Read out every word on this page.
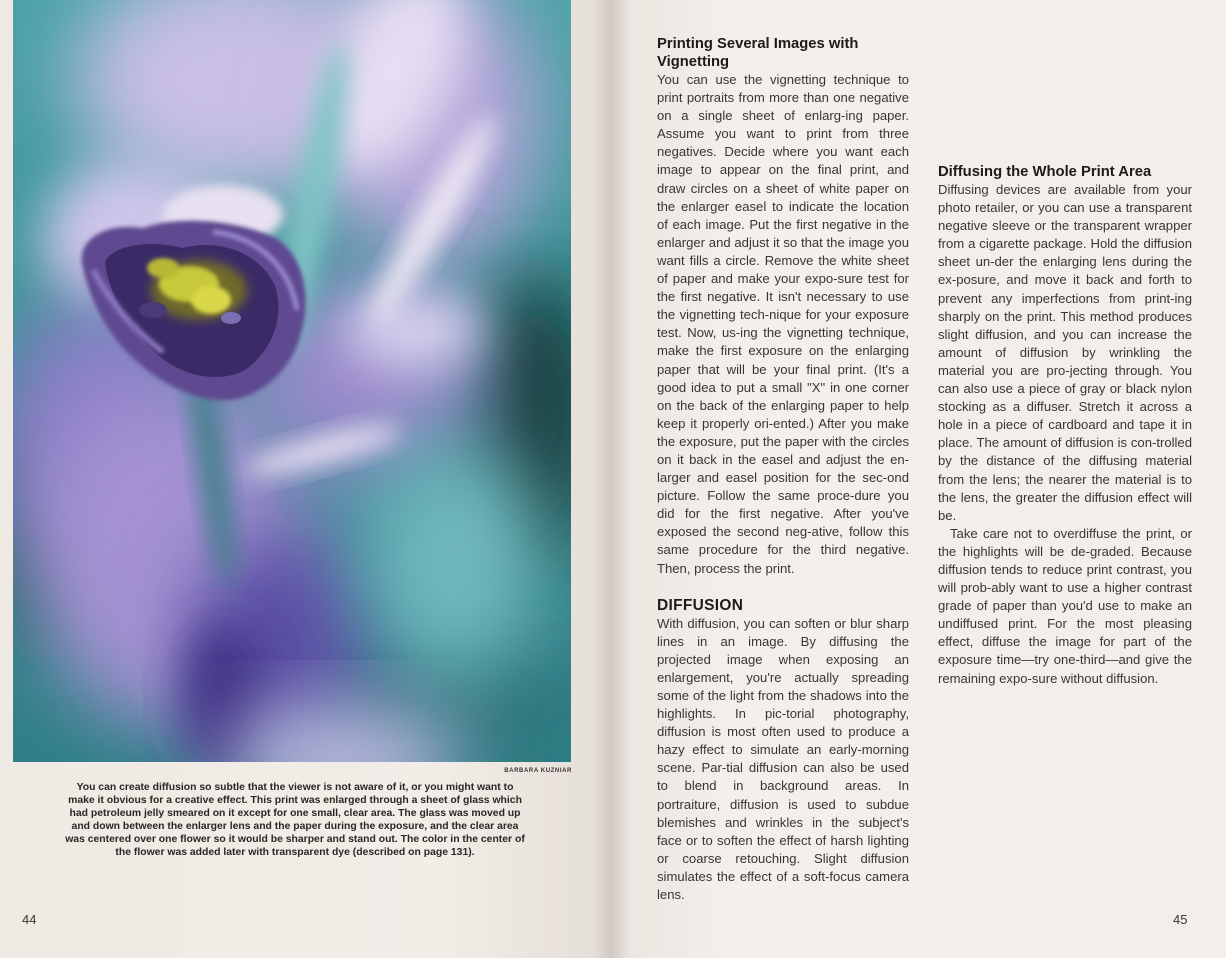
BARBARA KUZNIAR
You can create diffusion so subtle that the viewer is not aware of it, or you might want to make it obvious for a creative effect. This print was enlarged through a sheet of glass which had petroleum jelly smeared on it except for one small, clear area. The glass was moved up and down between the enlarger lens and the paper during the exposure, and the clear area was centered over one flower so it would be sharper and stand out. The color in the center of the flower was added later with transparent dye (described on page 131).
44
Printing Several Images with Vignetting

You can use the vignetting technique to print portraits from more than one negative on a single sheet of enlarg-ing paper. Assume you want to print from three negatives. Decide where you want each image to appear on the final print, and draw circles on a sheet of white paper on the enlarger easel to indicate the location of each image. Put the first negative in the enlarger and adjust it so that the image you want fills a circle. Remove the white sheet of paper and make your expo-sure test for the first negative. It isn't necessary to use the vignetting tech-nique for your exposure test. Now, us-ing the vignetting technique, make the first exposure on the enlarging paper that will be your final print. (It's a good idea to put a small "X" in one corner on the back of the enlarging paper to help keep it properly ori-ented.) After you make the exposure, put the paper with the circles on it back in the easel and adjust the en-larger and easel position for the sec-ond picture. Follow the same proce-dure you did for the first negative. After you've exposed the second neg-ative, follow this same procedure for the third negative. Then, process the print.

DIFFUSION

With diffusion, you can soften or blur sharp lines in an image. By diffusing the projected image when exposing an enlargement, you're actually spreading some of the light from the shadows into the highlights. In pic-torial photography, diffusion is most often used to produce a hazy effect to simulate an early-morning scene. Par-tial diffusion can also be used to blend in background areas. In portraiture, diffusion is used to subdue blemishes and wrinkles in the subject's face or to soften the effect of harsh lighting or coarse retouching. Slight diffusion simulates the effect of a soft-focus camera lens.

Diffusing the Whole Print Area

Diffusing devices are available from your photo retailer, or you can use a transparent negative sleeve or the transparent wrapper from a cigarette package. Hold the diffusion sheet un-der the enlarging lens during the ex-posure, and move it back and forth to prevent any imperfections from print-ing sharply on the print. This method produces slight diffusion, and you can increase the amount of diffusion by wrinkling the material you are pro-jecting through. You can also use a piece of gray or black nylon stocking as a diffuser. Stretch it across a hole in a piece of cardboard and tape it in place. The amount of diffusion is con-trolled by the distance of the diffusing material from the lens; the nearer the material is to the lens, the greater the diffusion effect will be.

Take care not to overdiffuse the print, or the highlights will be de-graded. Because diffusion tends to reduce print contrast, you will prob-ably want to use a higher contrast grade of paper than you'd use to make an undiffused print. For the most pleasing effect, diffuse the image for part of the exposure time—try one-third—and give the remaining expo-sure without diffusion.

45
